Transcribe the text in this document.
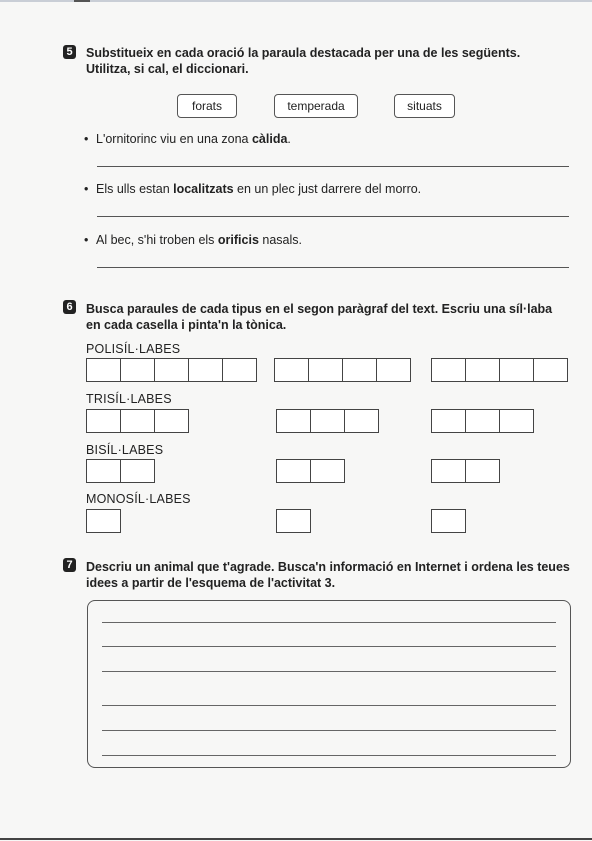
5 Substitueix en cada oració la paraula destacada per una de les següents.
Utilitza, si cal, el diccionari.
forats	temperada	situats
• L'ornitorinc viu en una zona càlida.
• Els ulls estan localitzats en un plec just darrere del morro.
• Al bec, s'hi troben els orificis nasals.
6 Busca paraules de cada tipus en el segon paràgraf del text. Escriu una síl·laba
en cada casella i pinta'n la tònica.
POLISÍL·LABES
TRISÍL·LABES
BISÍL·LABES
MONOSÍL·LABES
7 Descriu un animal que t'agrade. Busca'n informació en Internet i ordena les teues
idees a partir de l'esquema de l'activitat 3.
